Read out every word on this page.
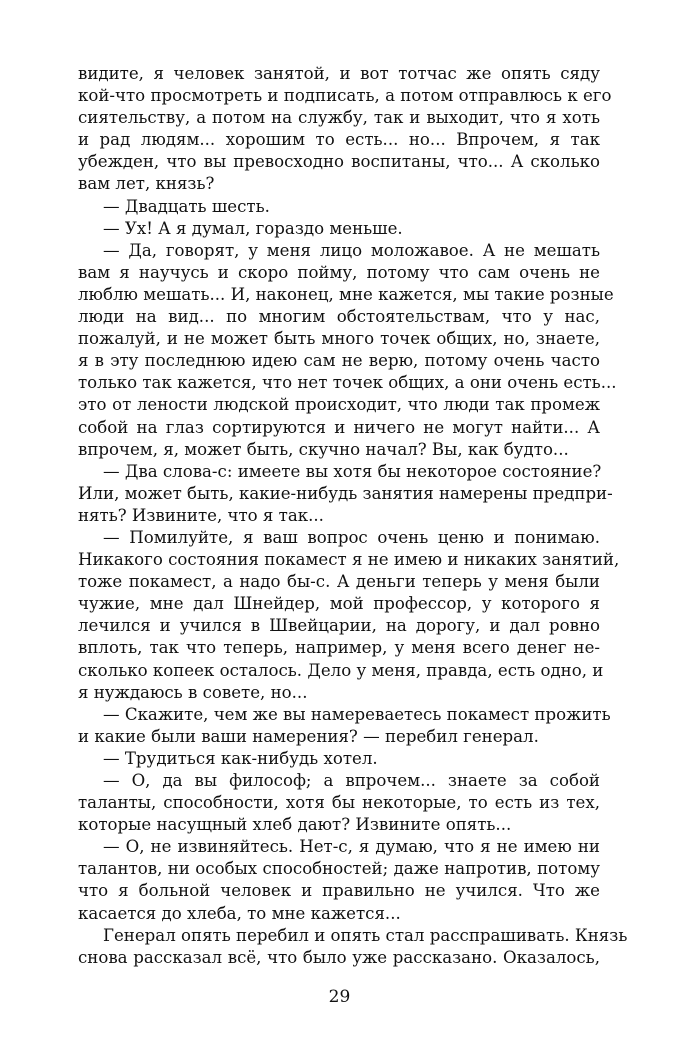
видите, я человек занятой, и вот тотчас же опять сяду
кой-что просмотреть и подписать, а потом отправлюсь к его
сиятельству, а потом на службу, так и выходит, что я хоть
и рад людям... хорошим то есть... но... Впрочем, я так
убежден, что вы превосходно воспитаны, что... А сколько
вам лет, князь?
— Двадцать шесть.
— Ух! А я думал, гораздо меньше.
— Да, говорят, у меня лицо моложавое. А не мешать
вам я научусь и скоро пойму, потому что сам очень не
люблю мешать... И, наконец, мне кажется, мы такие розные
люди на вид... по многим обстоятельствам, что у нас,
пожалуй, и не может быть много точек общих, но, знаете,
я в эту последнюю идею сам не верю, потому очень часто
только так кажется, что нет точек общих, а они очень есть...
это от лености людской происходит, что люди так промеж
собой на глаз сортируются и ничего не могут найти... А
впрочем, я, может быть, скучно начал? Вы, как будто...
— Два слова-с: имеете вы хотя бы некоторое состояние?
Или, может быть, какие-нибудь занятия намерены предпри-
нять? Извините, что я так...
— Помилуйте, я ваш вопрос очень ценю и понимаю.
Никакого состояния покамест я не имею и никаких занятий,
тоже покамест, а надо бы-с. А деньги теперь у меня были
чужие, мне дал Шнейдер, мой профессор, у которого я
лечился и учился в Швейцарии, на дорогу, и дал ровно
вплоть, так что теперь, например, у меня всего денег не-
сколько копеек осталось. Дело у меня, правда, есть одно, и
я нуждаюсь в совете, но...
— Скажите, чем же вы намереваетесь покамест прожить
и какие были ваши намерения? — перебил генерал.
— Трудиться как-нибудь хотел.
— О, да вы философ; а впрочем... знаете за собой
таланты, способности, хотя бы некоторые, то есть из тех,
которые насущный хлеб дают? Извините опять...
— О, не извиняйтесь. Нет-с, я думаю, что я не имею ни
талантов, ни особых способностей; даже напротив, потому
что я больной человек и правильно не учился. Что же
касается до хлеба, то мне кажется...
Генерал опять перебил и опять стал расспрашивать. Князь
снова рассказал всё, что было уже рассказано. Оказалось,
29
